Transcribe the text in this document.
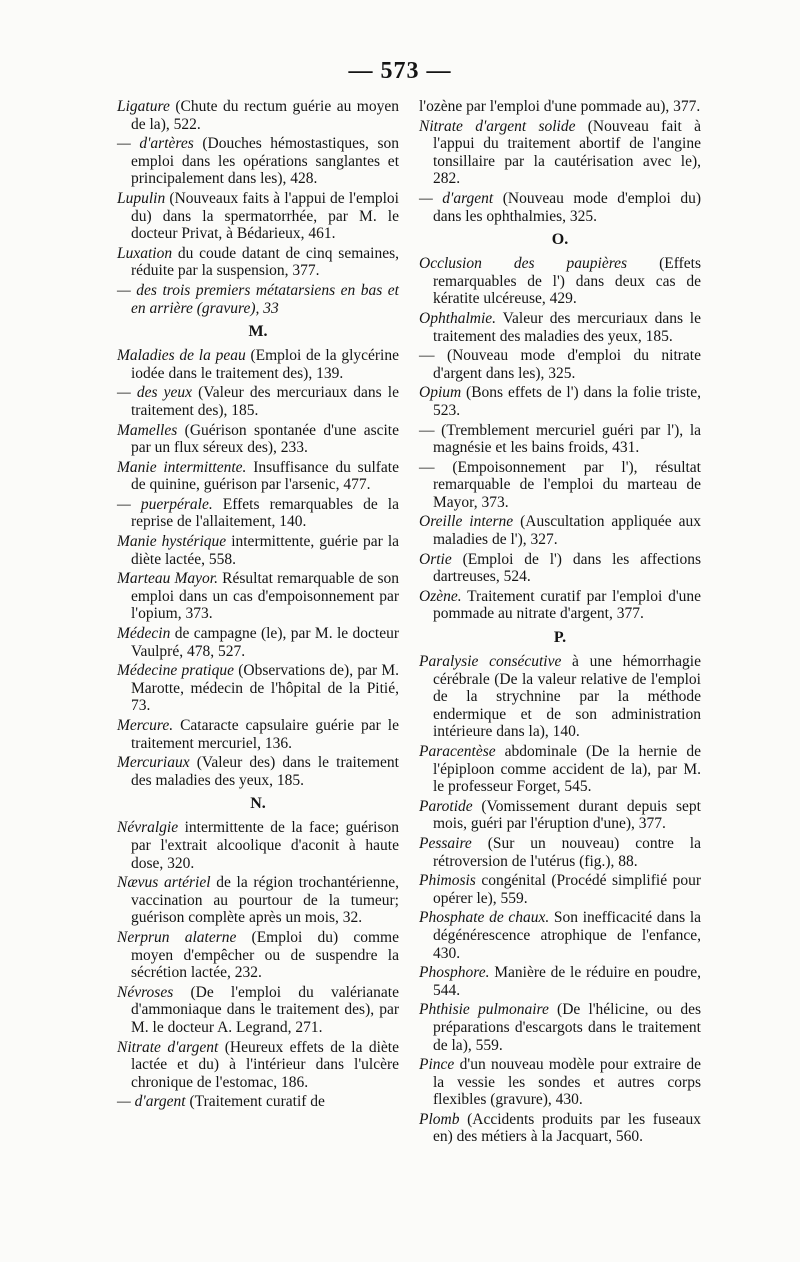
— 573 —
Ligature (Chute du rectum guérie au moyen de la), 522.
— d'artères (Douches hémostastiques, son emploi dans les opérations sanglantes et principalement dans les), 428.
Lupulin (Nouveaux faits à l'appui de l'emploi du) dans la spermatorrhée, par M. le docteur Privat, à Bédarieux, 461.
Luxation du coude datant de cinq semaines, réduite par la suspension, 377.
— des trois premiers métatarsiens en bas et en arrière (gravure), 33
M.
Maladies de la peau (Emploi de la glycérine iodée dans le traitement des), 139.
— des yeux (Valeur des mercuriaux dans le traitement des), 185.
Mamelles (Guérison spontanée d'une ascite par un flux séreux des), 233.
Manie intermittente. Insuffisance du sulfate de quinine, guérison par l'arsenic, 477.
— puerpérale. Effets remarquables de la reprise de l'allaitement, 140.
Manie hystérique intermittente, guérie par la diète lactée, 558.
Marteau Mayor. Résultat remarquable de son emploi dans un cas d'empoisonnement par l'opium, 373.
Médecin de campagne (le), par M. le docteur Vaulpré, 478, 527.
Médecine pratique (Observations de), par M. Marotte, médecin de l'hôpital de la Pitié, 73.
Mercure. Cataracte capsulaire guérie par le traitement mercuriel, 136.
Mercuriaux (Valeur des) dans le traitement des maladies des yeux, 185.
N.
Névralgie intermittente de la face; guérison par l'extrait alcoolique d'aconit à haute dose, 320.
Nævus artériel de la région trochantérienne, vaccination au pourtour de la tumeur; guérison complète après un mois, 32.
Nerprun alaterne (Emploi du) comme moyen d'empêcher ou de suspendre la sécrétion lactée, 232.
Névroses (De l'emploi du valérianate d'ammoniaque dans le traitement des), par M. le docteur A. Legrand, 271.
Nitrate d'argent (Heureux effets de la diète lactée et du) à l'intérieur dans l'ulcère chronique de l'estomac, 186.
— d'argent (Traitement curatif de
l'ozène par l'emploi d'une pommade au), 377.
Nitrate d'argent solide (Nouveau fait à l'appui du traitement abortif de l'angine tonsillaire par la cautérisation avec le), 282.
— d'argent (Nouveau mode d'emploi du) dans les ophthalmies, 325.
O.
Occlusion des paupières (Effets remarquables de l') dans deux cas de kératite ulcéreuse, 429.
Ophthalmie. Valeur des mercuriaux dans le traitement des maladies des yeux, 185.
— (Nouveau mode d'emploi du nitrate d'argent dans les), 325.
Opium (Bons effets de l') dans la folie triste, 523.
— (Tremblement mercuriel guéri par l'), la magnésie et les bains froids, 431.
— (Empoisonnement par l'), résultat remarquable de l'emploi du marteau de Mayor, 373.
Oreille interne (Auscultation appliquée aux maladies de l'), 327.
Ortie (Emploi de l') dans les affections dartreuses, 524.
Ozène. Traitement curatif par l'emploi d'une pommade au nitrate d'argent, 377.
P.
Paralysie consécutive à une hémorrhagie cérébrale (De la valeur relative de l'emploi de la strychnine par la méthode endermique et de son administration intérieure dans la), 140.
Paracentèse abdominale (De la hernie de l'épiploon comme accident de la), par M. le professeur Forget, 545.
Parotide (Vomissement durant depuis sept mois, guéri par l'éruption d'une), 377.
Pessaire (Sur un nouveau) contre la rétroversion de l'utérus (fig.), 88.
Phimosis congénital (Procédé simplifié pour opérer le), 559.
Phosphate de chaux. Son inefficacité dans la dégénérescence atrophique de l'enfance, 430.
Phosphore. Manière de le réduire en poudre, 544.
Phthisie pulmonaire (De l'hélicine, ou des préparations d'escargots dans le traitement de la), 559.
Pince d'un nouveau modèle pour extraire de la vessie les sondes et autres corps flexibles (gravure), 430.
Plomb (Accidents produits par les fuseaux en) des métiers à la Jacquart, 560.
